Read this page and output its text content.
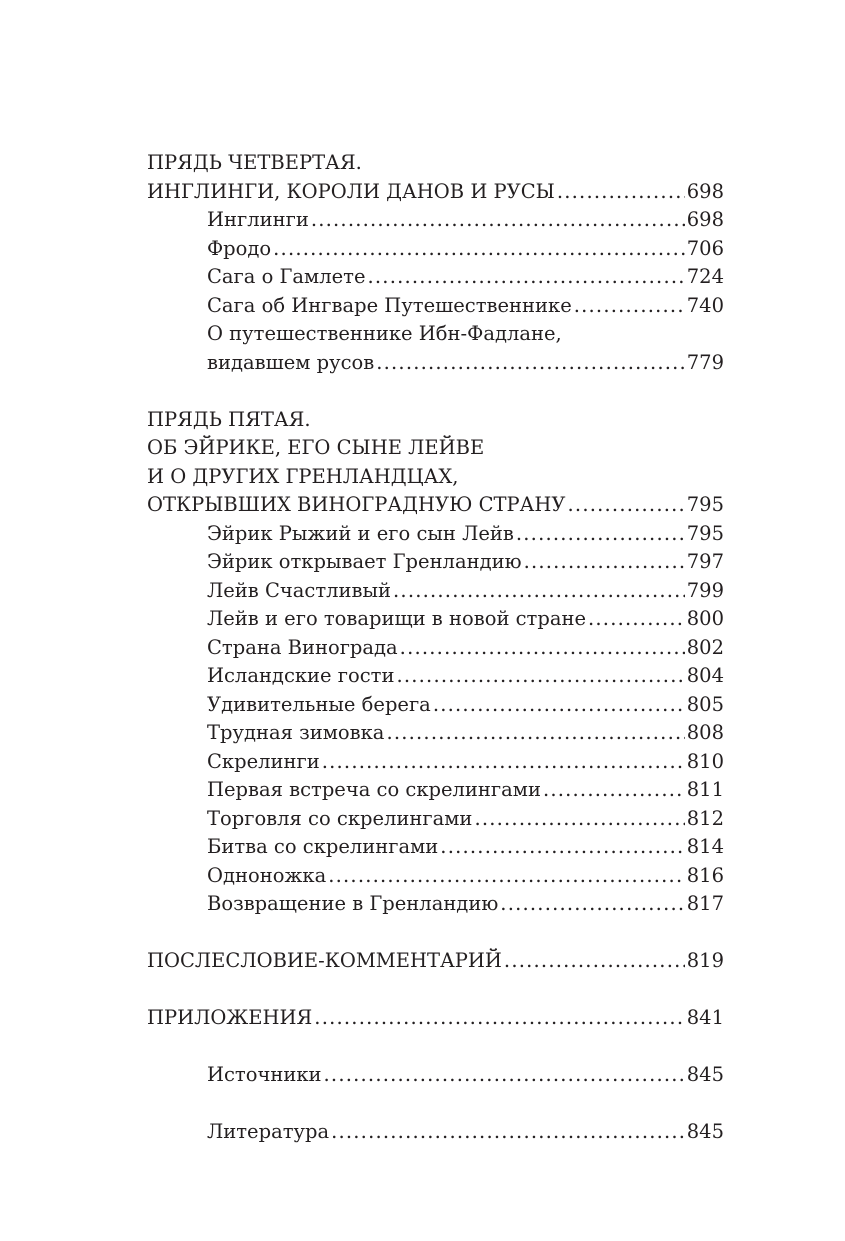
ПРЯДЬ ЧЕТВЕРТАЯ.
ИНГЛИНГИ, КОРОЛИ ДАНОВ И РУСЫ .....	698
Инглинги .....	698
Фродо .....	706
Сага о Гамлете .....	724
Сага об Ингваре Путешественнике .....	740
О путешественнике Ибн-Фадлане,
видавшем русов .....	779
ПРЯДЬ ПЯТАЯ.
ОБ ЭЙРИКЕ, ЕГО СЫНЕ ЛЕЙВЕ
И О ДРУГИХ ГРЕНЛАНДЦАХ,
ОТКРЫВШИХ ВИНОГРАДНУЮ СТРАНУ .....	795
Эйрик Рыжий и его сын Лейв .....	795
Эйрик открывает Гренландию .....	797
Лейв Счастливый .....	799
Лейв и его товарищи в новой стране .....	800
Страна Винограда .....	802
Исландские гости .....	804
Удивительные берега .....	805
Трудная зимовка .....	808
Скрелинги .....	810
Первая встреча со скрелингами .....	811
Торговля со скрелингами .....	812
Битва со скрелингами .....	814
Одноножка .....	816
Возвращение в Гренландию .....	817
ПОСЛЕСЛОВИЕ-КОММЕНТАРИЙ .....	819
ПРИЛОЖЕНИЯ .....	841
Источники .....	845
Литература .....	845
